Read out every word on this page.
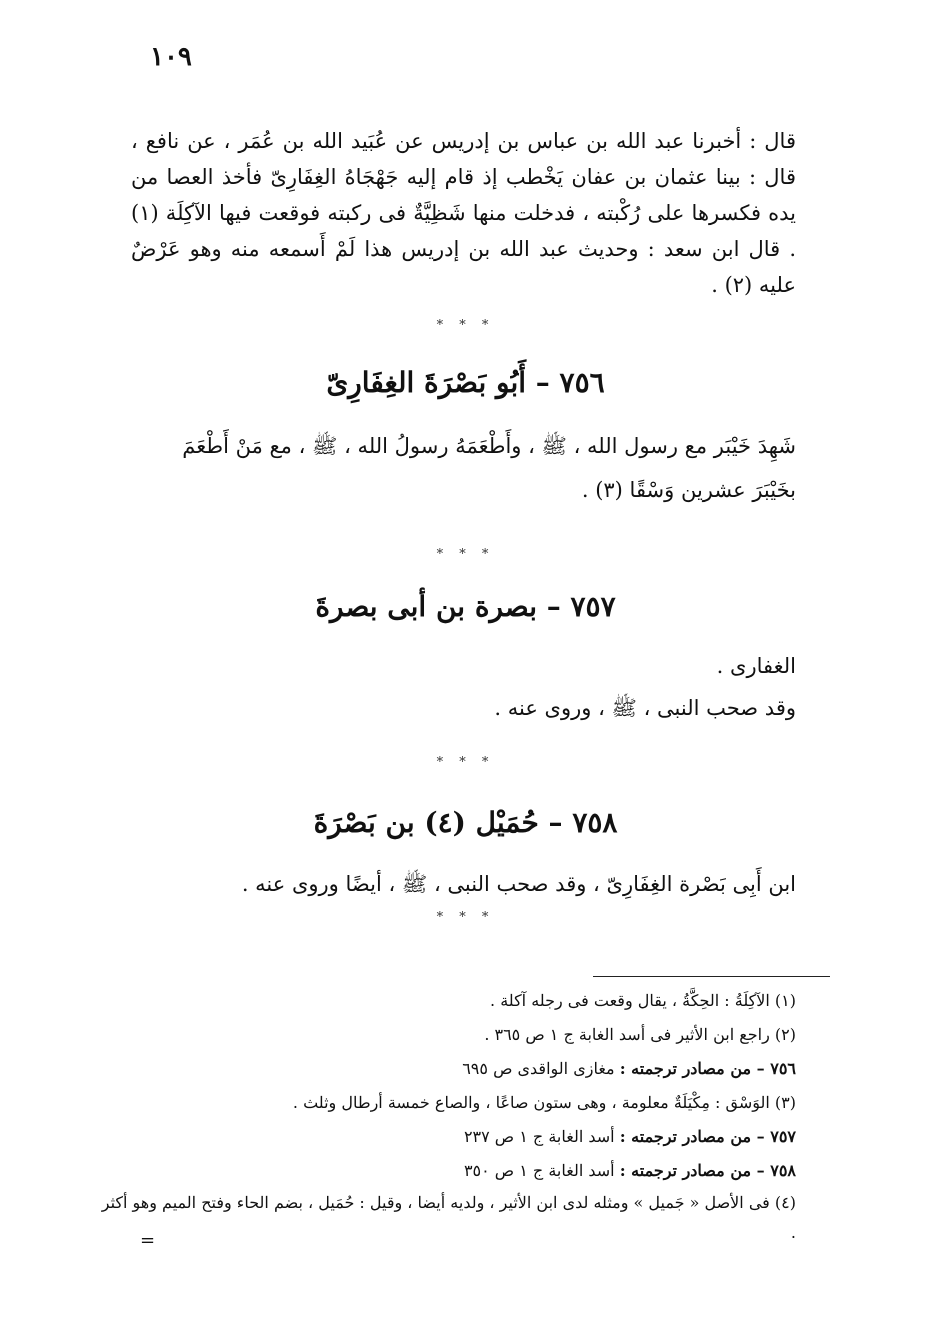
١٠٩
قال : أخبرنا عبد الله بن عباس بن إدريس عن عُبَيد الله بن عُمَر ، عن نافع ، قال : بينا عثمان بن عفان يَخْطب إذ قام إليه جَهْجَاهُ الغِفَارِىّ فأخذ العصا من يده فكسرها على رُكْبته ، فدخلت منها شَظِيَّةٌ فى ركبته فوقعت فيها الآكِلَة (١) . قال ابن سعد : وحديث عبد الله بن إدريس هذا لَمْ أَسمعه منه وهو عَرْضٌ عليه (٢) .
* * *
٧٥٦ – أَبُو بَصْرَةَ الغِفَارِىّ
شَهِدَ خَيْبَر مع رسول الله ، ﷺ ، وأَطْعَمَهُ رسولُ الله ، ﷺ ، مع مَنْ أَطْعَمَ
بخَيْبَرَ عشرين وَسْقًا (٣) .
* * *
٧٥٧ – بصرة بن أبى بصرةَ
الغفارى .
وقد صحب النبى ، ﷺ ، وروى عنه .
* * *
٧٥٨ – حُمَيْل (٤) بن بَصْرَةَ
ابن أَبِى بَصْرة الغِفَارِىّ ، وقد صحب النبى ، ﷺ ، أيضًا وروى عنه .
* * *
(١) الآكِلَةُ : الحِكَّةُ ، يقال وقعت فى رجله آكلة .
(٢) راجع ابن الأثير فى أسد الغابة ج ١ ص ٣٦٥ .
٧٥٦ – من مصادر ترجمته : مغازى الواقدى ص ٦٩٥
(٣) الوَسْق : مِكْيَلَةٌ معلومة ، وهى ستون صاعًا ، والصاع خمسة أرطال وثلث .
٧٥٧ – من مصادر ترجمته : أسد الغابة ج ١ ص ٢٣٧
٧٥٨ – من مصادر ترجمته : أسد الغابة ج ١ ص ٣٥٠
(٤) فى الأصل « جَميل » ومثله لدى ابن الأثير ، ولديه أيضا ، وقيل : حُمَيل ، بضم الحاء وفتح الميم وهو أكثر .
=
